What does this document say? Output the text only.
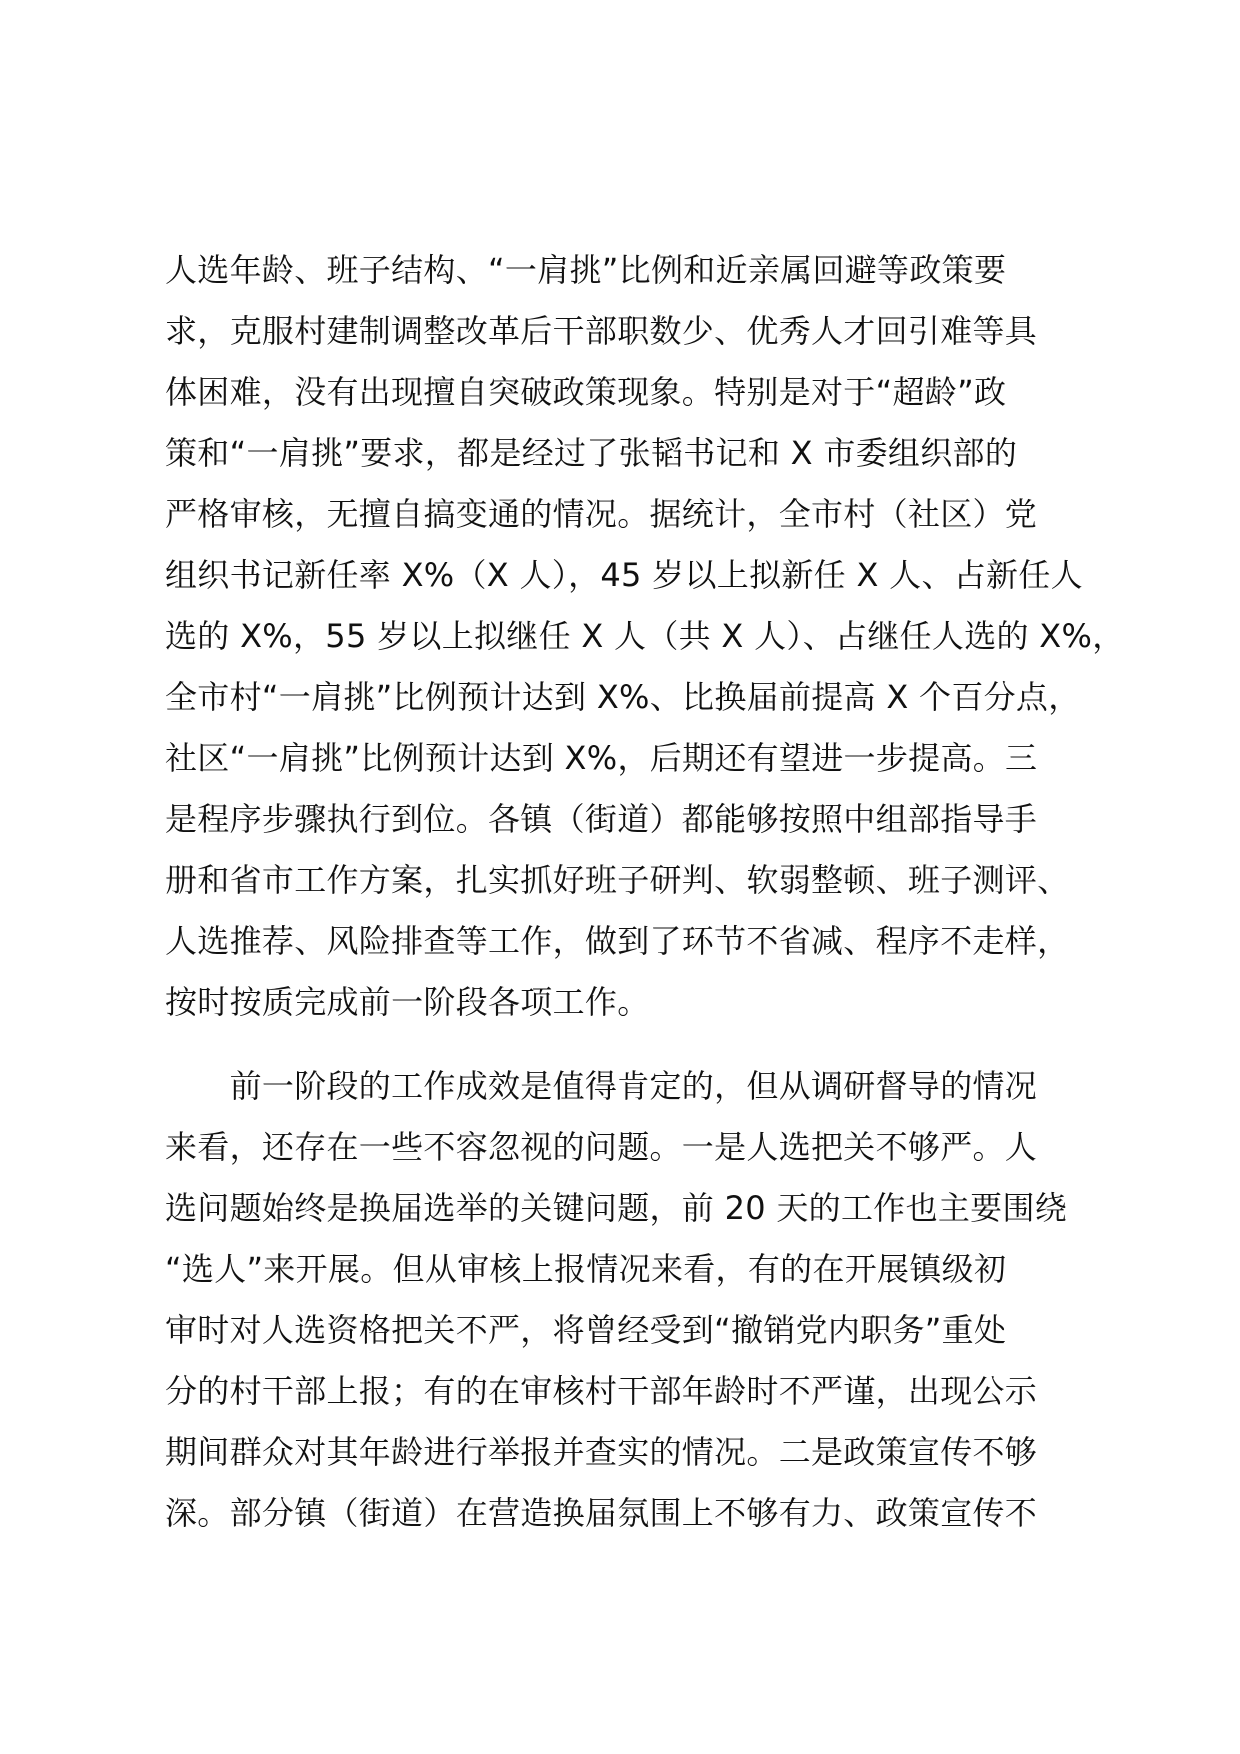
人选年龄、班子结构、“一肩挑”比例和近亲属回避等政策要
求，克服村建制调整改革后干部职数少、优秀人才回引难等具
体困难，没有出现擅自突破政策现象。特别是对于“超龄”政
策和“一肩挑”要求，都是经过了张韬书记和 X 市委组织部的
严格审核，无擅自搞变通的情况。据统计，全市村（社区）党
组织书记新任率 X%（X 人），45 岁以上拟新任 X 人、占新任人
选的 X%，55 岁以上拟继任 X 人（共 X 人）、占继任人选的 X%，
全市村“一肩挑”比例预计达到 X%、比换届前提高 X 个百分点，
社区“一肩挑”比例预计达到 X%，后期还有望进一步提高。三
是程序步骤执行到位。各镇（街道）都能够按照中组部指导手
册和省市工作方案，扎实抓好班子研判、软弱整顿、班子测评、
人选推荐、风险排查等工作，做到了环节不省减、程序不走样，
按时按质完成前一阶段各项工作。
　　前一阶段的工作成效是值得肯定的，但从调研督导的情况
来看，还存在一些不容忽视的问题。一是人选把关不够严。人
选问题始终是换届选举的关键问题，前 20 天的工作也主要围绕
“选人”来开展。但从审核上报情况来看，有的在开展镇级初
审时对人选资格把关不严，将曾经受到“撤销党内职务”重处
分的村干部上报；有的在审核村干部年龄时不严谨，出现公示
期间群众对其年龄进行举报并查实的情况。二是政策宣传不够
深。部分镇（街道）在营造换届氛围上不够有力、政策宣传不
